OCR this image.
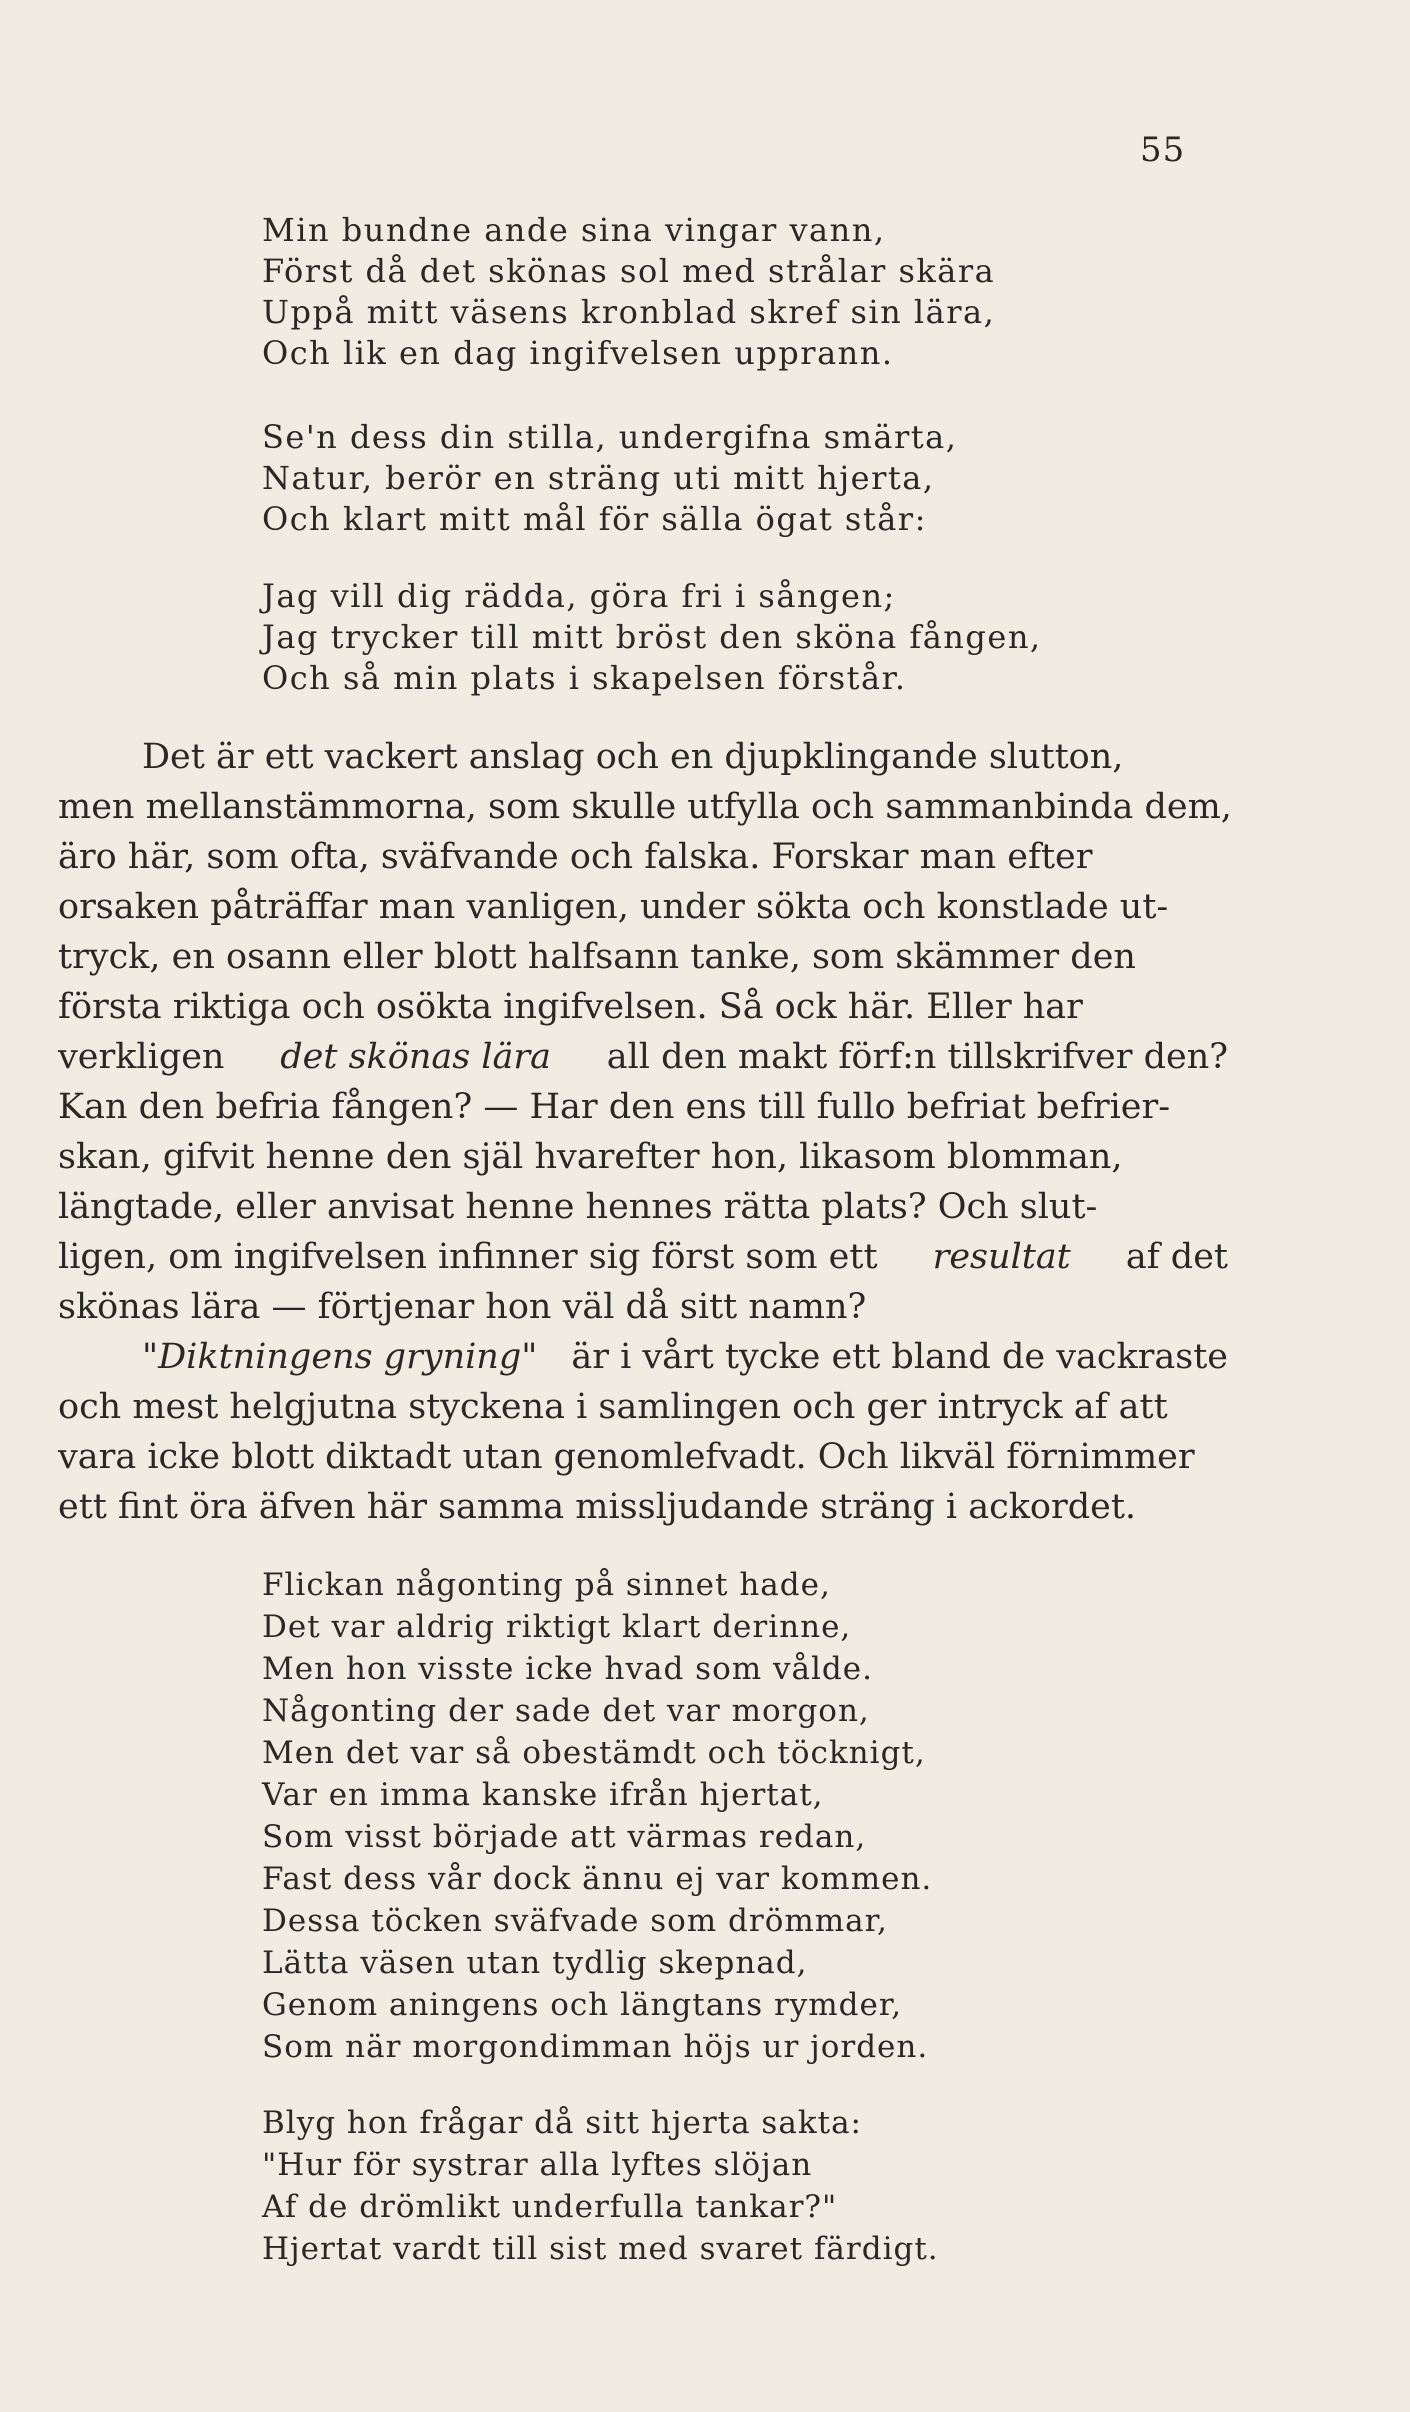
55
Min bundne ande sina vingar vann,
Först då det skönas sol med strålar skära
Uppå mitt väsens kronblad skref sin lära,
Och lik en dag ingifvelsen upprann.
Se'n dess din stilla, undergifna smärta,
Natur, berör en sträng uti mitt hjerta,
Och klart mitt mål för sälla ögat står:
Jag vill dig rädda, göra fri i sången;
Jag trycker till mitt bröst den sköna fången,
Och så min plats i skapelsen förstår.
Det är ett vackert anslag och en djupklingande slutton,
men mellanstämmorna, som skulle utfylla och sammanbinda dem,
äro här, som ofta, sväfvande och falska. Forskar man efter
orsaken påträffar man vanligen, under sökta och konstlade ut-
tryck, en osann eller blott halfsann tanke, som skämmer den
första riktiga och osökta ingifvelsen. Så ock här. Eller har
verkligen det skönas lära all den makt förf:n tillskrifver den?
Kan den befria fången? — Har den ens till fullo befriat befrier-
skan, gifvit henne den själ hvarefter hon, likasom blomman,
längtade, eller anvisat henne hennes rätta plats? Och slut-
ligen, om ingifvelsen infinner sig först som ett resultat af det
skönas lära — förtjenar hon väl då sitt namn?
"Diktningens gryning" är i vårt tycke ett bland de vackraste
och mest helgjutna styckena i samlingen och ger intryck af att
vara icke blott diktadt utan genomlefvadt. Och likväl förnimmer
ett fint öra äfven här samma missljudande sträng i ackordet.
Flickan någonting på sinnet hade,
Det var aldrig riktigt klart derinne,
Men hon visste icke hvad som vålde.
Någonting der sade det var morgon,
Men det var så obestämdt och töcknigt,
Var en imma kanske ifrån hjertat,
Som visst började att värmas redan,
Fast dess vår dock ännu ej var kommen.
Dessa töcken sväfvade som drömmar,
Lätta väsen utan tydlig skepnad,
Genom aningens och längtans rymder,
Som när morgondimman höjs ur jorden.
Blyg hon frågar då sitt hjerta sakta:
"Hur för systrar alla lyftes slöjan
Af de drömlikt underfulla tankar?"
Hjertat vardt till sist med svaret färdigt.
